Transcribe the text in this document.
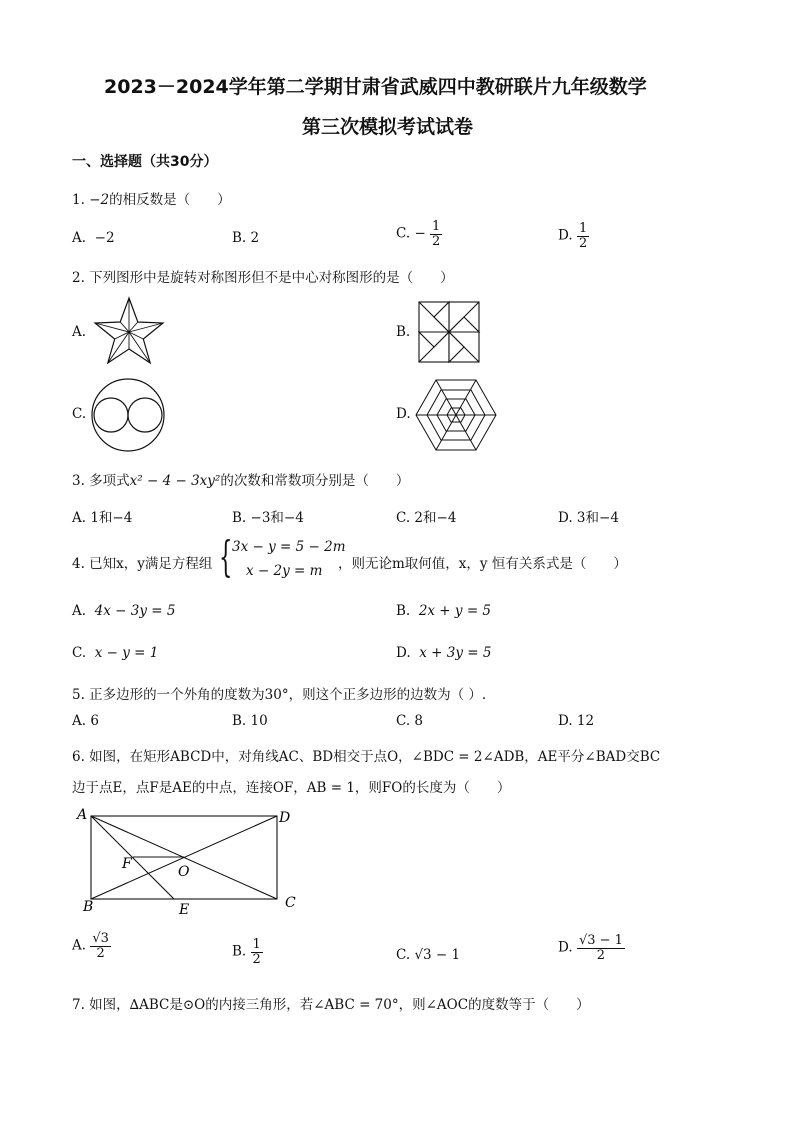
2023－2024学年第二学期甘肃省武威四中教研联片九年级数学
第三次模拟考试试卷
一、选择题（共30分）
1. −2的相反数是（　　）
A. −2	B. 2	C. − $\frac{1}{2}$	D. $\frac{1}{2}$
2. 下列图形中是旋转对称图形但不是中心对称图形的是（　　）
A.	B.
C.	D.
3. 多项式x² − 4 − 3xy²的次数和常数项分别是（　　）
A. 1和−4	B. −3和−4	C. 2和−4	D. 3和−4
4. 已知x，y满足方程组 { 3x − y = 5 − 2m
x − 2y = m ，则无论m取何值，x，y 恒有关系式是（　　）
A. 4x − 3y = 5	B. 2x + y = 5
C. x − y = 1	D. x + 3y = 5
5. 正多边形的一个外角的度数为30°，则这个正多边形的边数为（ ）.
A. 6	B. 10	C. 8	D. 12
6. 如图，在矩形ABCD中，对角线AC、BD相交于点O，∠BDC = 2∠ADB，AE平分∠BAD交BC
边于点E，点F是AE的中点，连接OF，AB = 1，则FO的长度为（　　）
A	D
B	C
E
F	O
A. $\frac{√3}{2}$	B. $\frac{1}{2}$	C. √3 − 1	D. $\frac{√3 - 1}{2}$
7. 如图，∆ABC是⊙O的内接三角形，若∠ABC = 70°，则∠AOC的度数等于（　　）
